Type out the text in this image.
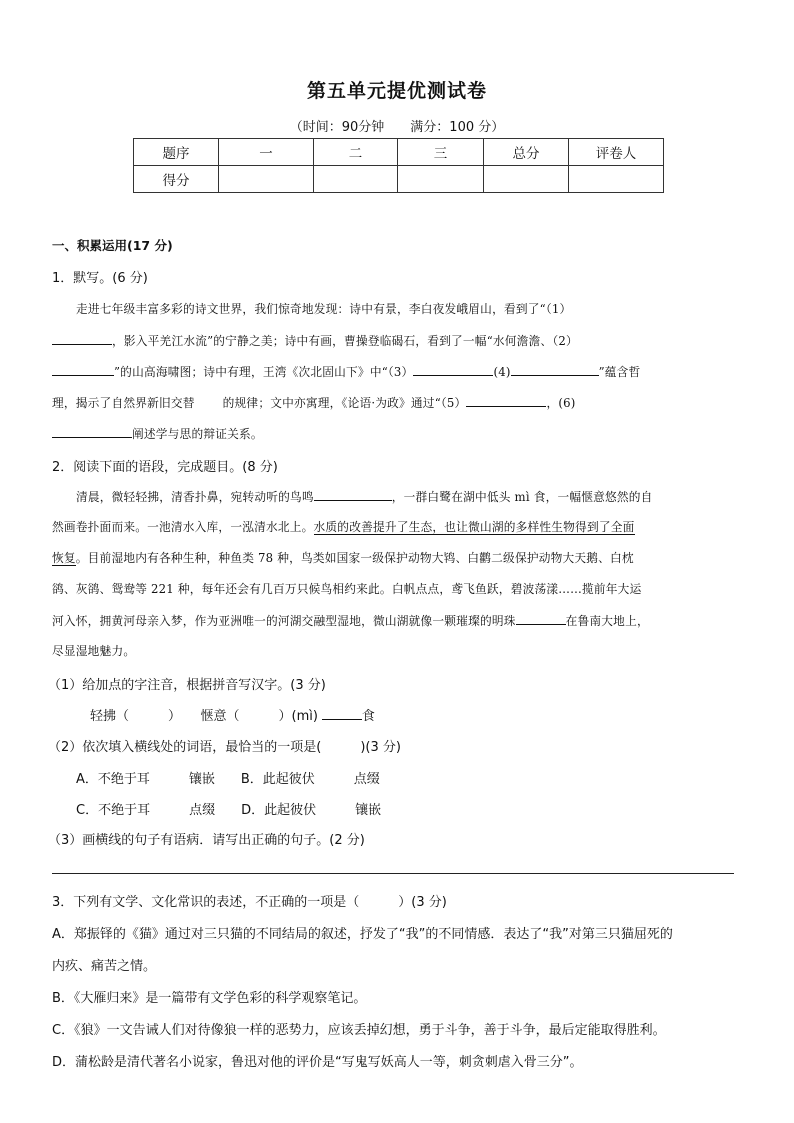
第五单元提优测试卷
（时间：90分钟 满分：100 分）
题序	一	二	三	总分	评卷人
得分					
一、积累运用(17 分)
1．默写。(6 分)
走进七年级丰富多彩的诗文世界，我们惊奇地发现：诗中有景，李白夜发峨眉山，看到了“（1）
，影入平羌江水流”的宁静之美；诗中有画，曹操登临碣石，看到了一幅“水何澹澹、（2）
”的山高海啸图；诗中有理，王湾《次北固山下》中“（3）	(4)	”蕴含哲
理，揭示了自然界新旧交替 的规律；文中亦寓理，《论语·为政》通过“（5）	，(6)
阐述学与思的辩证关系。
2．阅读下面的语段，完成题目。(8 分)
清晨，微轻轻拂，清香扑鼻，宛转动听的鸟鸣	，一群白鹭在湖中低头 mì 食，一幅惬意悠然的自
然画卷扑面而来。一池清水入库，一泓清水北上。水质的改善提升了生态，也让微山湖的多样性生物得到了全面
恢复。目前湿地内有各种生种，种鱼类 78 种，鸟类如国家一级保护动物大鸨、白鹳二级保护动物大天鹅、白枕
鹆、灰鹆、鸳鸯等 221 种，每年还会有几百万只候鸟相约来此。白帆点点，鸢飞鱼跃，碧波荡漾……揽前年大运
河入怀，拥黄河母亲入梦，作为亚洲唯一的河湖交融型湿地，微山湖就像一颗璀璨的明珠	在鲁南大地上，
尽显湿地魅力。
（1）给加点的字注音，根据拼音写汉字。(3 分)
轻拂（　　　）　　惬意（　　　）(mì)	食
（2）依次填入横线处的词语，最恰当的一项是(　　　)(3 分)
A．不绝于耳　　　镶嵌　　B．此起彼伏　　　点缀
C．不绝于耳　　　点缀　　D．此起彼伏　　　镶嵌
（3）画横线的句子有语病．请写出正确的句子。(2 分)
3．下列有文学、文化常识的表述，不正确的一项是（　　　）(3 分)
A．郑振铎的《猫》通过对三只猫的不同结局的叙述，抒发了“我”的不同情感．表达了“我”对第三只猫屈死的
内疚、痛苦之情。
B．《大雁归来》是一篇带有文学色彩的科学观察笔记。
C．《狼》一文告诫人们对待像狼一样的恶势力，应该丢掉幻想，勇于斗争，善于斗争，最后定能取得胜利。
D．蒲松龄是清代著名小说家，鲁迅对他的评价是“写鬼写妖高人一等，刺贪刺虐入骨三分”。
